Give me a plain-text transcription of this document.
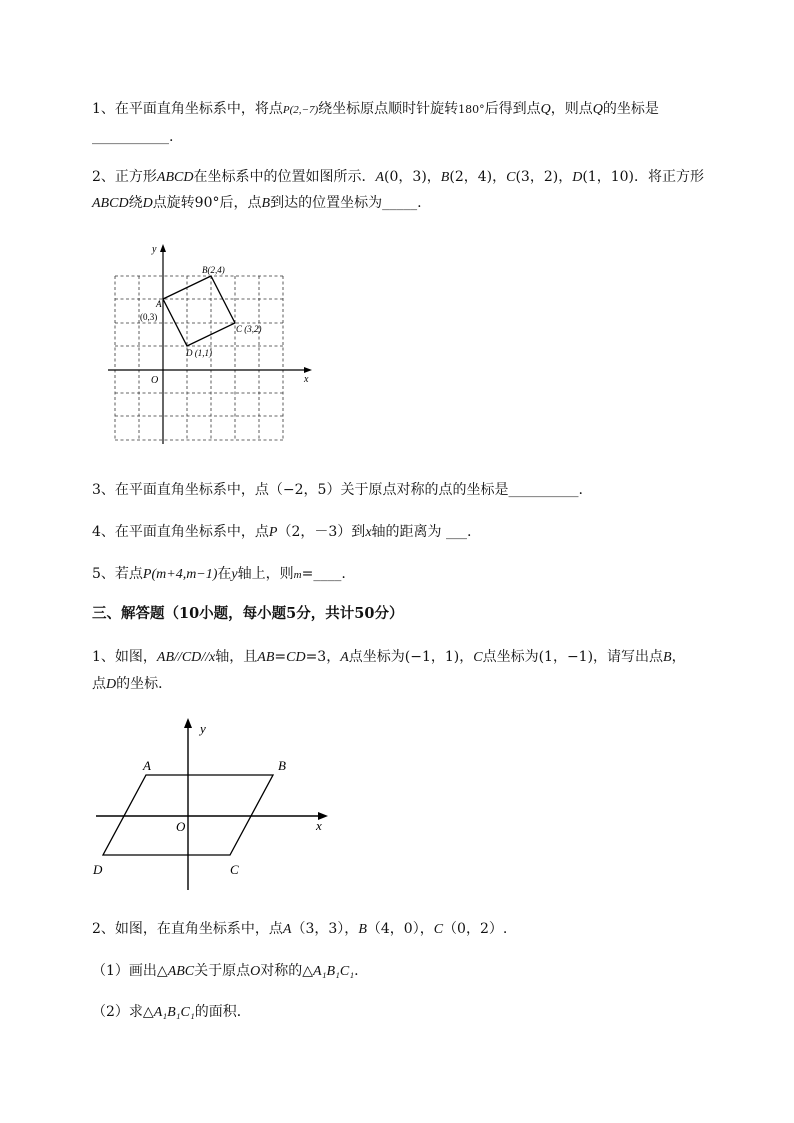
1、在平面直角坐标系中，将点P(2,−7)绕坐标原点顺时针旋转180°后得到点Q，则点Q的坐标是
___________.
2、正方形ABCD在坐标系中的位置如图所示．A(0，3)，B(2，4)，C(3，2)，D(1，10)．将正方形
ABCD绕D点旋转90°后，点B到达的位置坐标为_____.
y
x
O
B(2,4)
A
(0,3)
C (3,2)
D (1,1)
3、在平面直角坐标系中，点（−2，5）关于原点对称的点的坐标是__________.
4、在平面直角坐标系中，点P（2，－3）到x轴的距离为 ___.
5、若点P(m+4,m−1)在y轴上，则m=____.
三、解答题（10小题，每小题5分，共计50分）
1、如图，AB//CD//x轴，且AB=CD=3，A点坐标为(−1，1)，C点坐标为(1，−1)，请写出点B，
点D的坐标．
y
x
O
A	B
C
D
2、如图，在直角坐标系中，点A（3，3），B（4，0），C（0，2）.
（1）画出△ABC关于原点O对称的△A₁B₁C₁.
（2）求△A₁B₁C₁的面积．
